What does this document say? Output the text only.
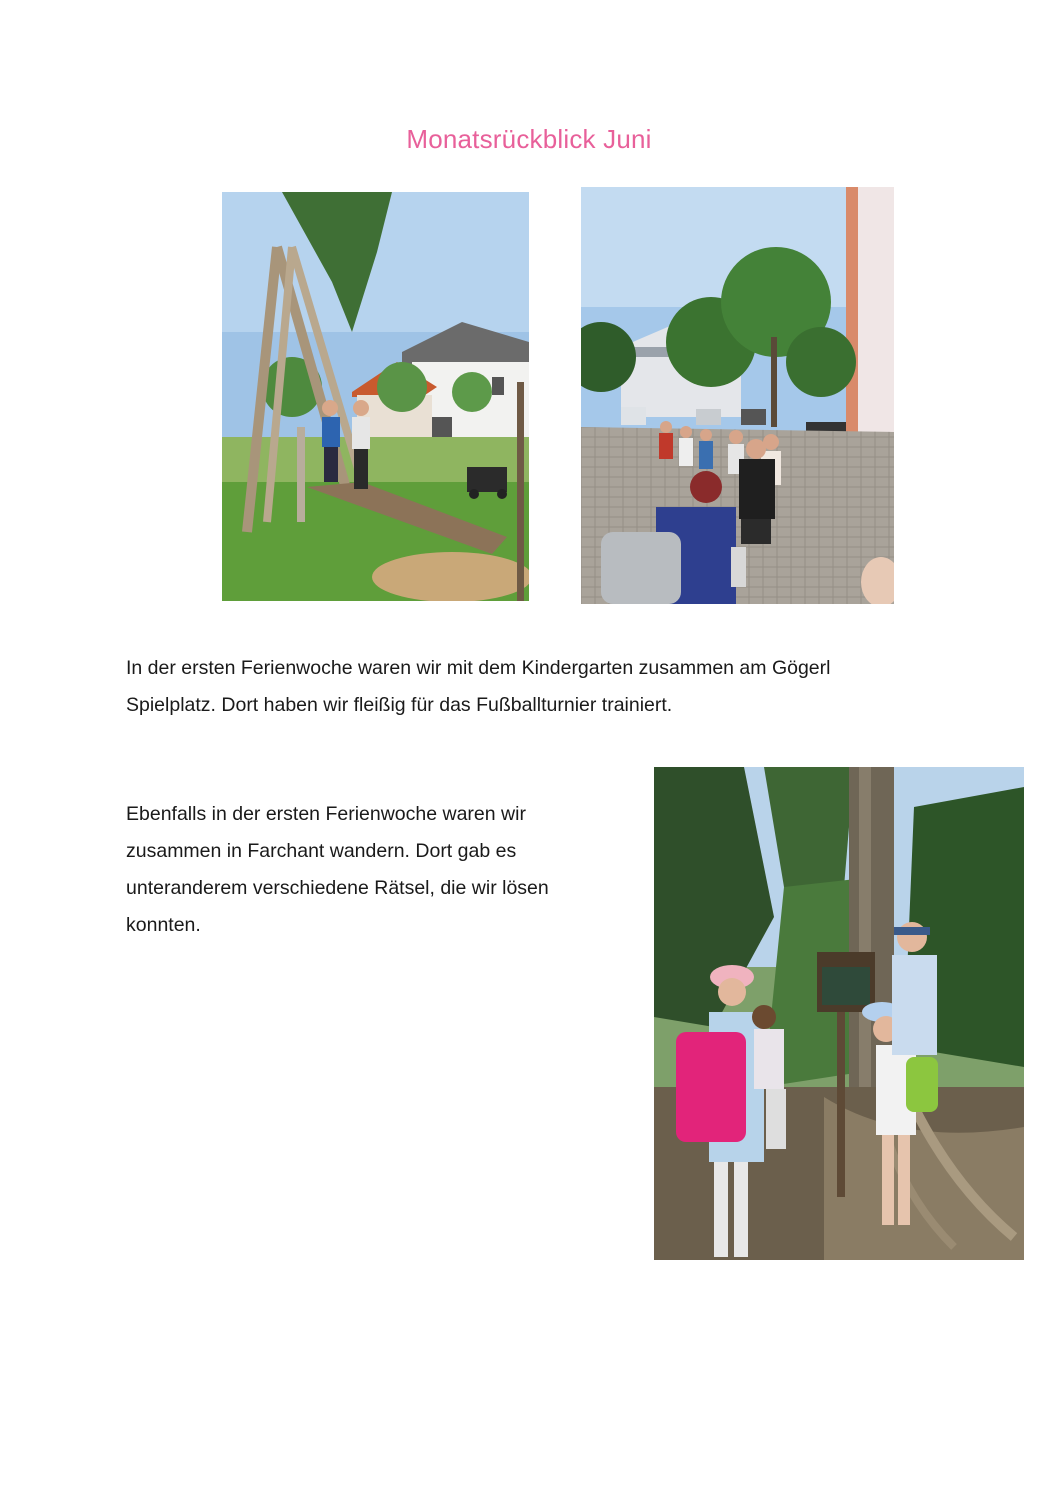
Monatsrückblick Juni

In der ersten Ferienwoche waren wir mit dem Kindergarten zusammen am Gögerl
Spielplatz. Dort haben wir fleißig für das Fußballturnier trainiert.

Ebenfalls in der ersten Ferienwoche waren wir
zusammen in Farchant wandern. Dort gab es
unteranderem verschiedene Rätsel, die wir lösen
konnten.
